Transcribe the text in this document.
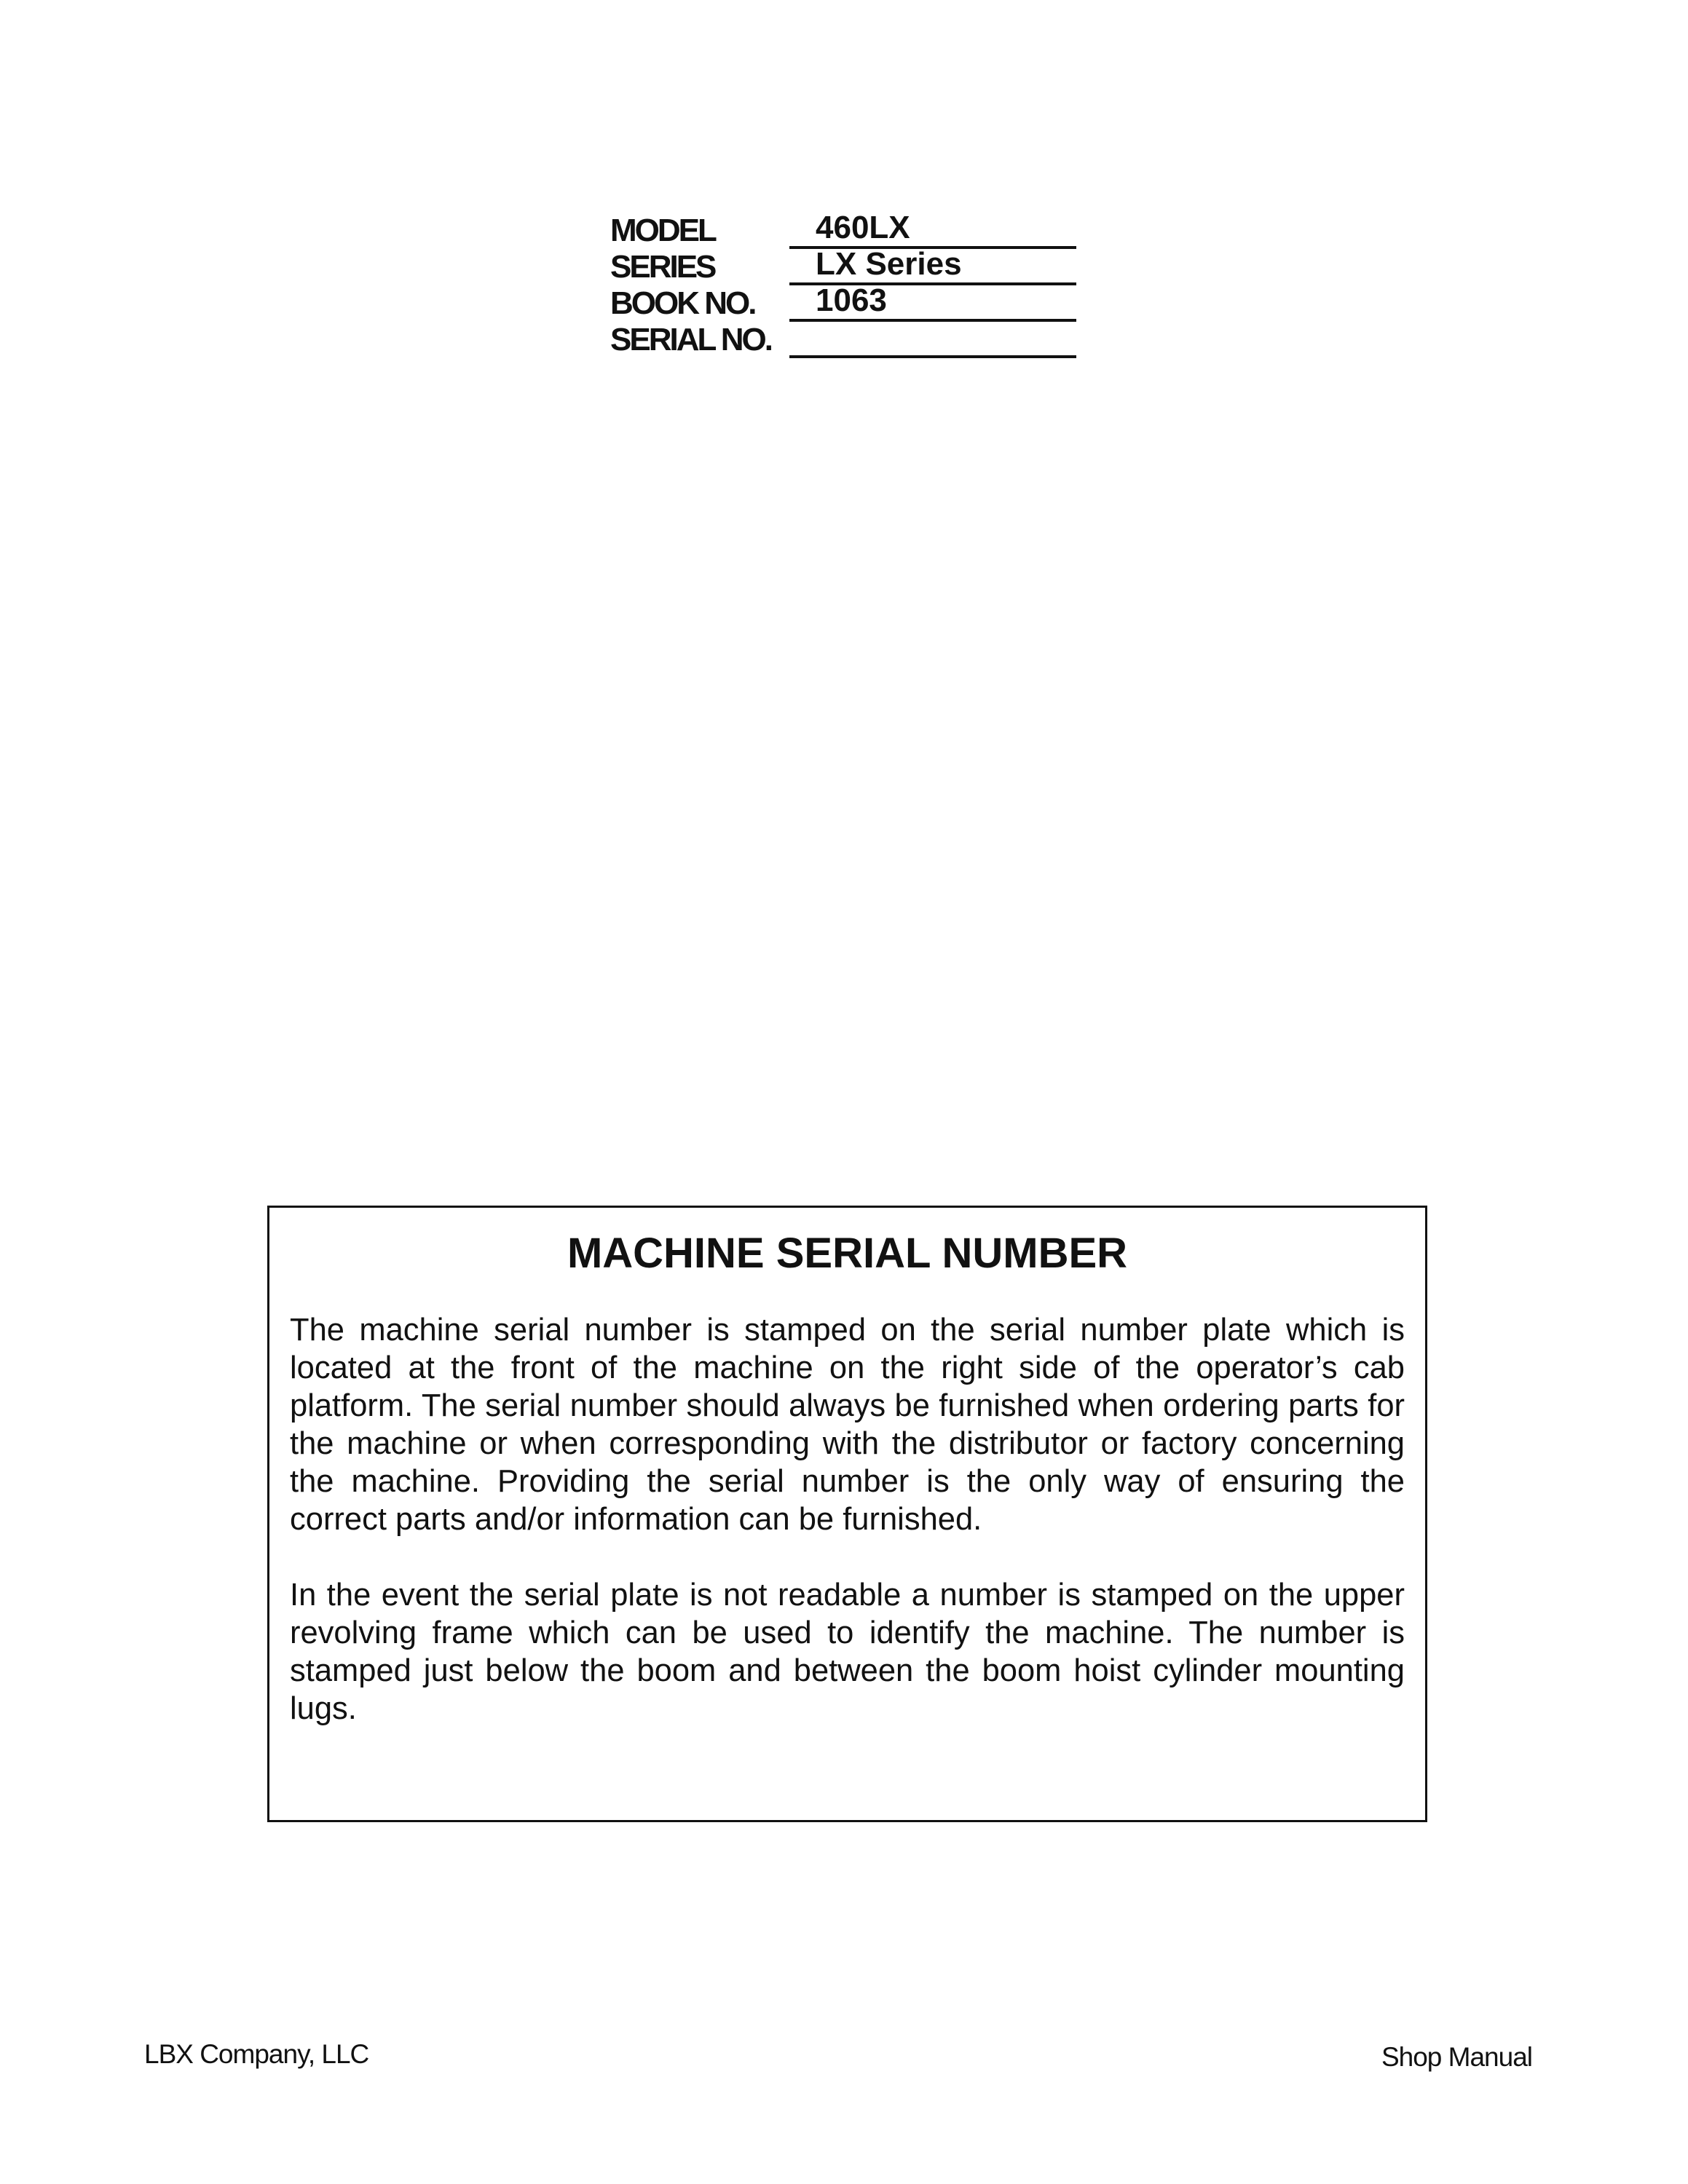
MODEL	460LX
SERIES	LX Series
BOOK NO. 1063
SERIAL NO.
MACHINE SERIAL NUMBER

The machine serial number is stamped on the serial number plate which is located at the front of the machine on the right side of the operator’s cab platform. The serial number should always be furnished when ordering parts for the machine or when corresponding with the distributor or factory concerning the machine. Providing the serial number is the only way of ensuring the correct parts and/or information can be furnished.

In the event the serial plate is not readable a number is stamped on the upper revolving frame which can be used to identify the machine. The number is stamped just below the boom and between the boom hoist cylinder mounting lugs.

LBX Company, LLC	Shop Manual
